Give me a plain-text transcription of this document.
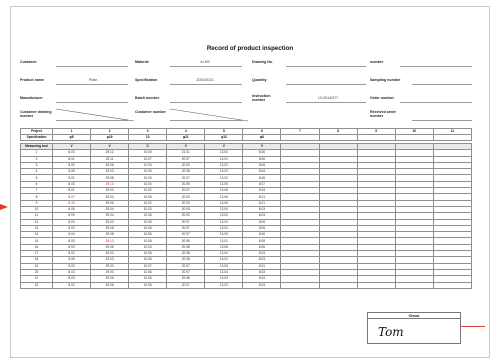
Record of product inspection
Customer	Material	Al-HS	Drawing No.	number
Product name	Plate	Specification	2020/2013	Quantity	Sampling number
Manufacturer	Batch number	Instruction number	10-0614/077	Order number
Customer drawing number
Customer number	Received order number
Project	1	2	3	4	5	6	7	8	9	10	11
Specification	φ8	φ29	10	φ21	φ13	φ8					

Measuring tool	V	V	C	V	V	V					
1	8.03	29.12	10.00	21.01	13.00	8.06					
2	8.01	29.11	10.07	20.97	13.01	8.06					
3	8.00	29.06	10.03	20.93	13.02	8.06					
4	8.06	29.03	10.05	20.98	13.03	8.04					
5	8.01	29.08	10.09	20.97	13.02	8.06					
6	8.03	29.10	10.04	20.95	13.05	8.07					
7	8.01	29.03	10.02	20.97	13.06	8.04					
8	8.07	29.03	10.05	20.93	13.06	8.01					
9	8.10	29.06	10.02	20.93	13.06	8.01					
10	8.06	29.04	10.03	20.93	13.00	8.03					
11	8.09	29.04	10.06	20.92	13.02	8.03					
12	8.03	29.03	10.05	20.97	13.03	8.06					
13	8.03	29.06	10.06	20.97	13.02	8.06					
14	8.04	29.08	10.06	20.97	13.05	8.06					
15	8.03	29.13	10.06	20.95	13.01	8.08					
16	8.03	29.06	10.04	20.98	13.06	8.06					
17	8.03	29.03	10.06	20.98	13.04	8.03					
18	8.06	29.03	10.05	20.98	13.02	8.03					
19	8.03	29.03	10.07	20.97	13.05	8.01					
20	8.03	29.03	10.06	20.97	13.04	8.03					
21	8.03	29.06	10.06	20.98	13.03	8.04					
22	8.03	29.06	10.05	20.97	13.03	8.03					
Check
Tom
